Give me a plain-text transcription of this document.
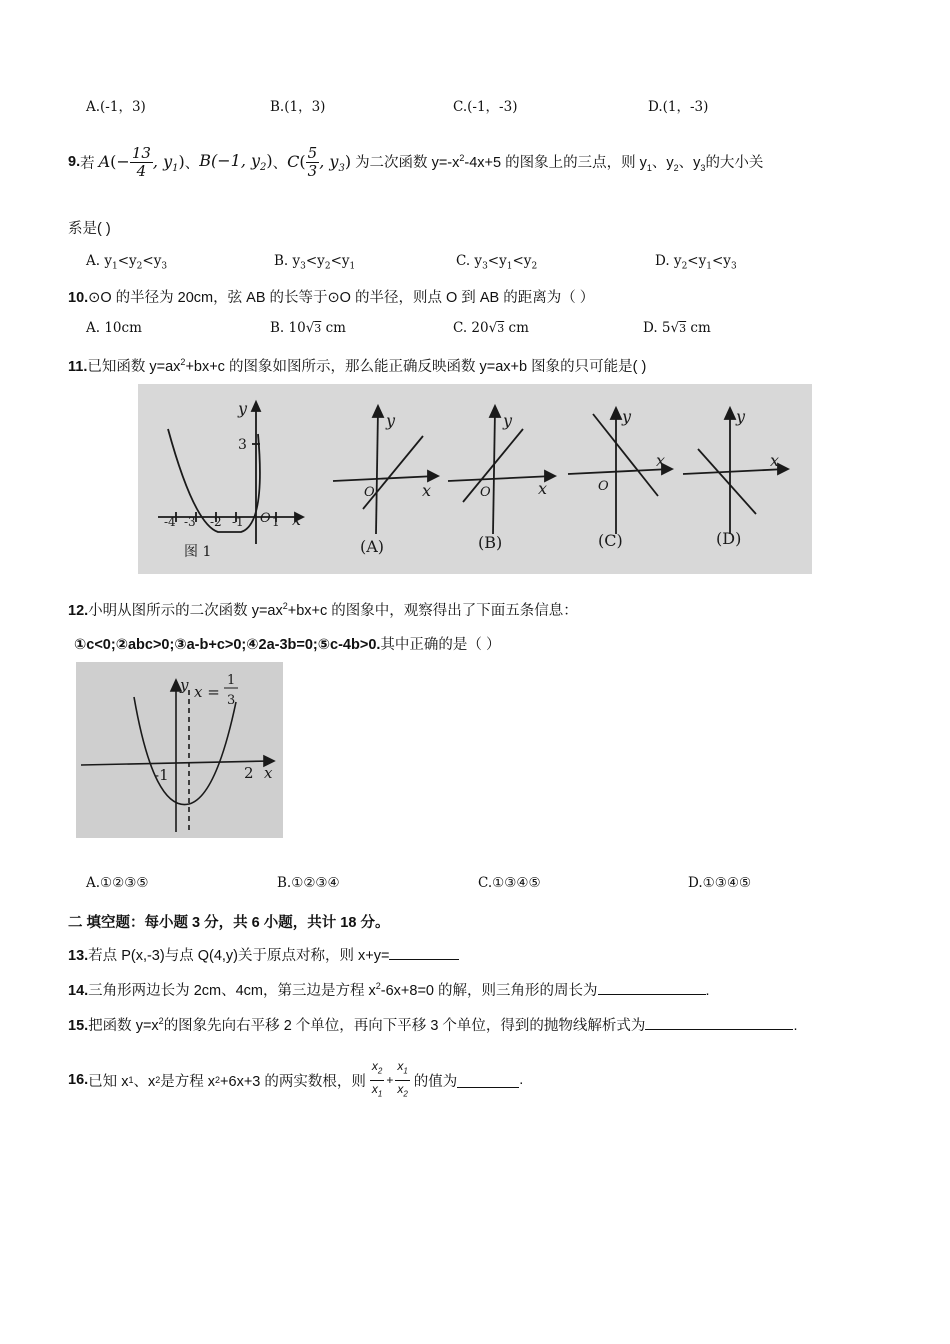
A.(-1，3)	B.(1，3)	C.(-1，-3)	D.(1，-3)
9. 若 $A(- \frac{13}{4}$ , $y_1$) 、 B(−1, $y_2$) 、 $C( \frac{5}{3}$ , $y_3$) 为二次函数 $y=-x^2-4x+5$ 的图象上的三点，则 $y_1$、$y_2$、$y_3$的大小关
系是( )
A. $y_1<y_2<y_3$	B. $y_3<y_2<y_1$	C. $y_3<y_1<y_2$	D. $y_2<y_1<y_3$
10.⊙O 的半径为 20cm，弦 AB 的长等于⊙O 的半径，则点 O 到 AB 的距离为（ ）
A. 10cm	B. 10√3 cm	C. 20√3 cm	D. 5√3 cm
11.已知函数 $y=ax^2+bx+c$ 的图象如图所示，那么能正确反映函数 y=ax+b 图象的只可能是( )
y
x
O
3
-4 -3 -2 -1 1
图 1
y
x
O
(A)
y
x
O
(B)
y
x
O
(C)
y
x
(D)
12.小明从图所示的二次函数 $y=ax^2+bx+c$ 的图象中，观察得出了下面五条信息：
①c<0;②abc>0;③a-b+c>0;④2a-3b=0;⑤c-4b>0.其中正确的是（ ）
y
x
x =
1
3
-1	2
A.①②③⑤	B.①②③④	C.①③④⑤	D.①③④⑤
二 填空题：每小题 3 分，共 6 小题，共计 18 分。
13.若点 P(x,-3)与点 Q(4,y)关于原点对称，则 x+y=
14.三角形两边长为 2cm、4cm，第三边是方程 $x^2-6x+8=0$ 的解，则三角形的周长为	.
15.把函数 $y=x^2$的图象先向右平移 2 个单位，再向下平移 3 个单位，得到的抛物线解析式为	.
16. 已知 x 1 、x 2 是方程 x 2 +6x+3 的两实数根，则 $\frac{x_2}{x_1} + \frac{x_1}{x_2}$ 的值为	.
